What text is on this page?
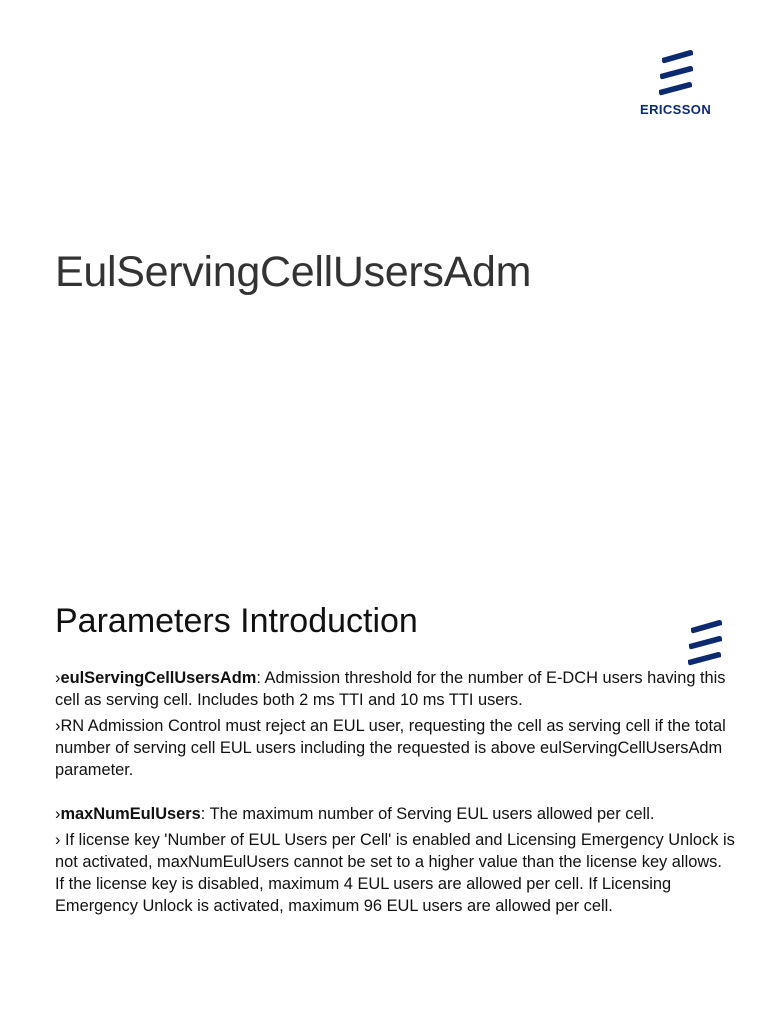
ERICSSON
EulServingCellUsersAdm
Parameters Introduction

›eulServingCellUsersAdm: Admission threshold for the number of E-DCH users having this cell as serving cell. Includes both 2 ms TTI and 10 ms TTI users.

›RN Admission Control must reject an EUL user, requesting the cell as serving cell if the total number of serving cell EUL users including the requested is above eulServingCellUsersAdm parameter.

›maxNumEulUsers: The maximum number of Serving EUL users allowed per cell.

› If license key 'Number of EUL Users per Cell' is enabled and Licensing Emergency Unlock is not activated, maxNumEulUsers cannot be set to a higher value than the license key allows. If the license key is disabled, maximum 4 EUL users are allowed per cell. If Licensing Emergency Unlock is activated, maximum 96 EUL users are allowed per cell.
